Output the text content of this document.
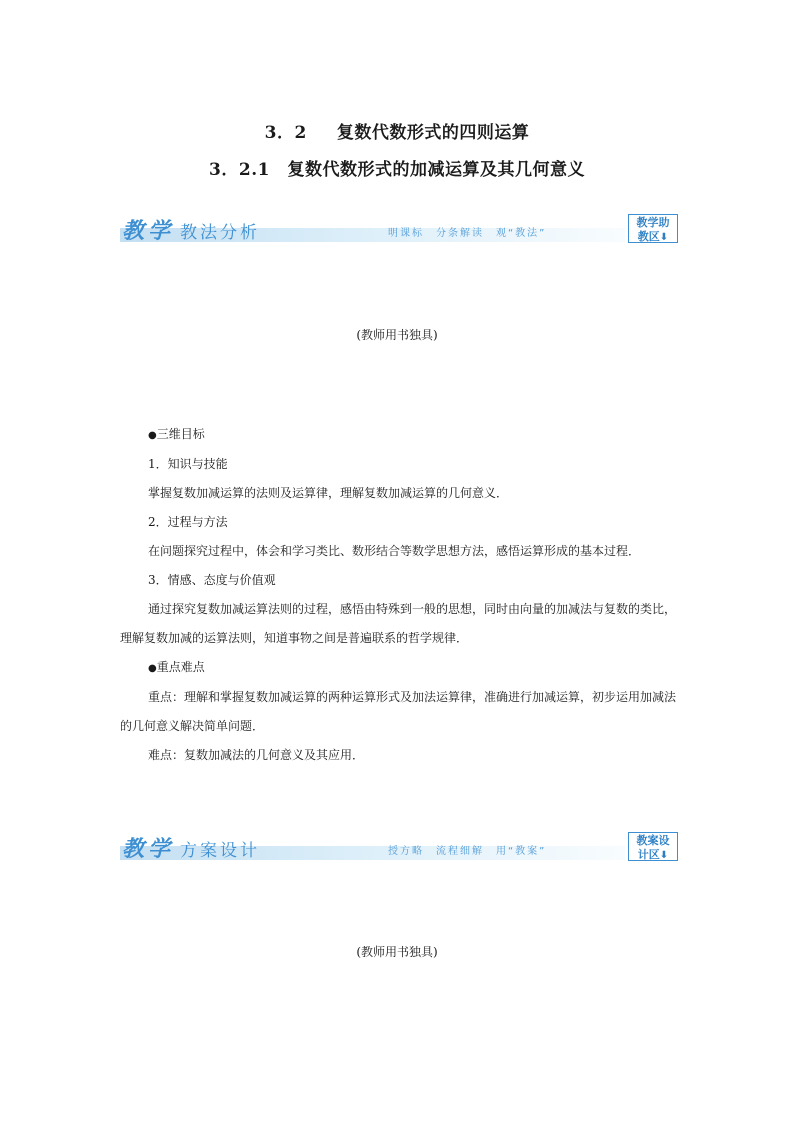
3．2 复数代数形式的四则运算
3．2.1　 复数代数形式的加减运算及其几何意义
教学 教法分析	明课标　分条解读　观“教法”
教学助
教区⬇
(教师用书独具)

●三维目标

1．知识与技能

掌握复数加减运算的法则及运算律，理解复数加减运算的几何意义．

2．过程与方法

在问题探究过程中，体会和学习类比、数形结合等数学思想方法，感悟运算形成的基本过程．

3．情感、态度与价值观

通过探究复数加减运算法则的过程，感悟由特殊到一般的思想，同时由向量的加减法与复数的类比，理解复数加减的运算法则，知道事物之间是普遍联系的哲学规律．

●重点难点

重点：理解和掌握复数加减运算的两种运算形式及加法运算律，准确进行加减运算，初步运用加减法的几何意义解决简单问题．

难点：复数加减法的几何意义及其应用．

教学 方案设计	授方略　流程细解　用“教案”
教案设
计区⬇
(教师用书独具)
